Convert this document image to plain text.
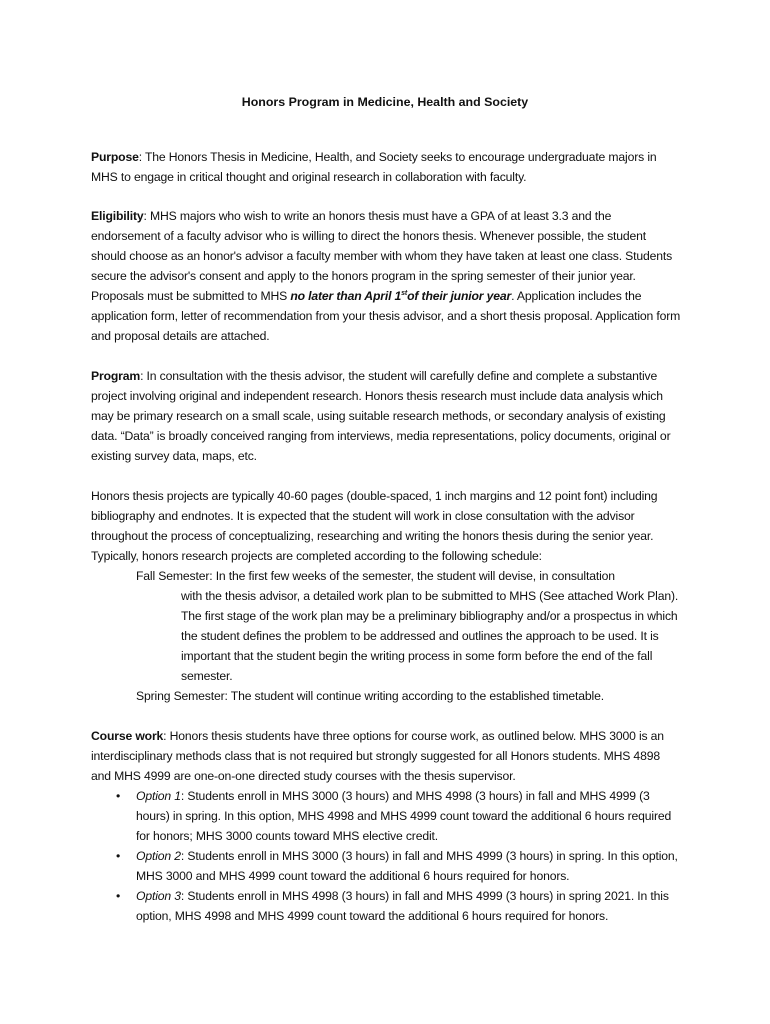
Honors Program in Medicine, Health and Society

Purpose: The Honors Thesis in Medicine, Health, and Society seeks to encourage undergraduate majors in MHS to engage in critical thought and original research in collaboration with faculty.

Eligibility: MHS majors who wish to write an honors thesis must have a GPA of at least 3.3 and the endorsement of a faculty advisor who is willing to direct the honors thesis. Whenever possible, the student should choose as an honor's advisor a faculty member with whom they have taken at least one class. Students secure the advisor's consent and apply to the honors program in the spring semester of their junior year. Proposals must be submitted to MHS no later than April 1stof their junior year. Application includes the application form, letter of recommendation from your thesis advisor, and a short thesis proposal. Application form and proposal details are attached.

Program: In consultation with the thesis advisor, the student will carefully define and complete a substantive project involving original and independent research. Honors thesis research must include data analysis which may be primary research on a small scale, using suitable research methods, or secondary analysis of existing data. “Data” is broadly conceived ranging from interviews, media representations, policy documents, original or existing survey data, maps, etc.

Honors thesis projects are typically 40-60 pages (double-spaced, 1 inch margins and 12 point font) including bibliography and endnotes. It is expected that the student will work in close consultation with the advisor throughout the process of conceptualizing, researching and writing the honors thesis during the senior year. Typically, honors research projects are completed according to the following schedule:

Fall Semester: In the first few weeks of the semester, the student will devise, in consultation
with the thesis advisor, a detailed work plan to be submitted to MHS (See attached Work Plan). The first stage of the work plan may be a preliminary bibliography and/or a prospectus in which the student defines the problem to be addressed and outlines the approach to be used. It is important that the student begin the writing process in some form before the end of the fall semester.
Spring Semester: The student will continue writing according to the established timetable.

Course work: Honors thesis students have three options for course work, as outlined below. MHS 3000 is an interdisciplinary methods class that is not required but strongly suggested for all Honors students. MHS 4898 and MHS 4999 are one-on-one directed study courses with the thesis supervisor.

• Option 1: Students enroll in MHS 3000 (3 hours) and MHS 4998 (3 hours) in fall and MHS 4999 (3 hours) in spring. In this option, MHS 4998 and MHS 4999 count toward the additional 6 hours required for honors; MHS 3000 counts toward MHS elective credit.
• Option 2: Students enroll in MHS 3000 (3 hours) in fall and MHS 4999 (3 hours) in spring. In this option, MHS 3000 and MHS 4999 count toward the additional 6 hours required for honors.
• Option 3: Students enroll in MHS 4998 (3 hours) in fall and MHS 4999 (3 hours) in spring 2021. In this option, MHS 4998 and MHS 4999 count toward the additional 6 hours required for honors.
